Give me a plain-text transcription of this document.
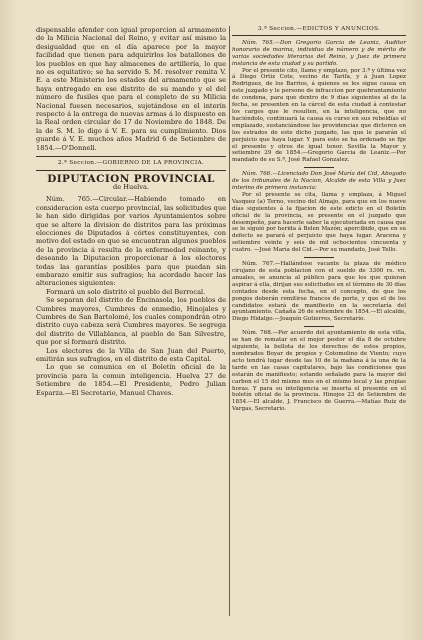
dispensable afender con igual proporcion al armamento de la Milicia Nacional del Reino, y evitar así mismo la desigualdad que en el día aparece por la mayor facilidad que tienen para adquirirlos los batallones de los pueblos en que hay almacenes de artillería, lo que no es equitativo; se ha servido S. M. resolver remita V. E. a este Ministerio los estados del armamento que se haya entregado en ese distrito de su mando y el del número de fusiles que para el completo de su Milicia Nacional fuesen necesarios, sujetándose en el interín respecto á la entrega de nuevas armas á lo dispuesto en la Real orden circular de 17 de Noviembre de 1848. De la de S. M. lo digo á V. E. para su cumplimiento. Dios guarde á V. E. muchos años Madrid 6 de Setiembre de 1854.—O'Donnell.

2.ª Seccion.—GOBIERNO DE LA PROVINCIA.
DIPUTACION PROVINCIAL
de Huelva.

Núm. 765.—Circular.—Habiendo tomado en consideracion esta cuerpo provincial, las solicitudes que le han sido dirigidas por varios Ayuntamientos sobre que se altere la division de distritos para las próximas elecciones de Diputados á córtes constituyentes, con motivo del estado en que se encuentran algunos pueblos de la provincia á resulta de la enfermedad reinante, y deseando la Diputacion proporcionar á los electores todas las garantías posibles para que puedan sin embarazo emitir sus sufragios; ha acordado hacer las alteraciones siguientes:

Formará un solo distrito el pueblo del Berrocal.

Se separan del distrito de Encinasola, los pueblos de Cumbres mayores, Cumbres de enmedio, Hinojales y Cumbres de San Bartolomé, los cuales compondrán otro distrito cuya cabeza será Cumbres mayores. Se segrega del distrito de Villablanca, al pueblo de San Silvestre, que por sí formará distrito.

Los electores de la Villa de San Juan del Puerto, emitirán sus sufragios, en el distrito de esta Capital.

Lo que se comunica en el Boletín oficial de la provincia para la comun inteligencia. Huelva 27 de Setiembre de 1854.—El Presidente, Pedro Julian Esparza.—El Secretario, Manuel Chaves.

3.ª Seccion.—EDICTOS Y ANUNCIOS.

Núm. 765.—Don Gregorio Garcia de Leaniz, Auditor honorario de marina, individuo de número y de mérito de varias sociedades literarias del Reino, y Juez de primera instancia de esta ciudad y su partido.

Por el presente cito, llamo y emplazo, por 3.ª y última vez á Diego Ortiz Cote, vecino de Tarifa, y á Juan Lopez Rodriguez, de los Barrios, á quienes se les sigue causa en este juzgado y le persono de infraccion por quebrantamiento de condena, para que dentro de 9 días siguientes al de la fecha, se presenten en la cárcel de esta ciudad á contestar los cargos que le resulten, en la inteligencia, que no haciéndolo, continuará la causa su curso en sus rebeldías el emplazado, sustanciándose las providencias que dicteren en los estrados de este dicho juzgado, las que le pararán el perjuicio que haya lugar. Y para esto se ha ordenado se fije el presente y otros de igual tenor. Sevilla la Mayor y setiembre 29 de 1854.—Gregorio Garcia de Leaniz.—Por mandado de su S.ª, José Rafael Gonzalez.

Núm. 766.—Licenciado Don José María del Cid, Abogado de los tribunales de la Nacion, Alcalde de esta Villa y Juez interino de primera instancia:

Por el presente se cita, llama y emplaza, á Miguel Vasquez (a) Torno, vecino del Almajo, para que en los nueve días siguientes á la fijacion de este edicto en el Boletín oficial de la provincia, se presente en el juzgado que desempeño, para hacerle saber la ejecutoriada en causa que se le siguió por herida á Belen Mazón; apercibido, que en su defecto se parará el perjuicio que haya lugar. Aracena y setiembre veinte y seis de mil ochocientos cincuenta y cuatro. —José María del Cid.—Por su mandado, José Tello.

Núm. 767.—Hallándose vacante la plaza de médico cirujano de esta poblacion con el sueldo de 3300 rs. vn. anuales, se anuncia al público para que los que quieran aspirar á ella, dirijan sus solicitudes en el término de 30 días contados desde esta fecha, en el concepto, de que los pongos deberán remitirse francos de porte, y que el de los candidatos estará de manifiesto en la secretaría del ayuntamiento. Cañaña 26 de setiembre de 1854.—El alcalde, Diego Hidalgo.—Joaquín Gutierres, Secretario.

Núm. 768.—Por acuerdo del ayuntamiento de esta villa, se han de rematar en el mejor postor el día 8 de octubre siguiente, la bellota de los derechos de estos propios, nombrados Boyar de propios y Cotomolino de Viento; cuyo acto tendrá lugar desde las 10 de la mañana á la una de la tarde en las casas capitulares, bajo las condiciones que estarán de manifiesto; estando señalado para la mayor del carbon el 15 del mismo mes en el mismo local y las propias horas. Y para su inteligencia se inserta el presente en el boletín oficial de la provincia. Hinojos 23 de Setiembre de 1854.—El alcalde, J. Francisco de Guerra.—Matías Ruiz de Vargas, Secretario.
